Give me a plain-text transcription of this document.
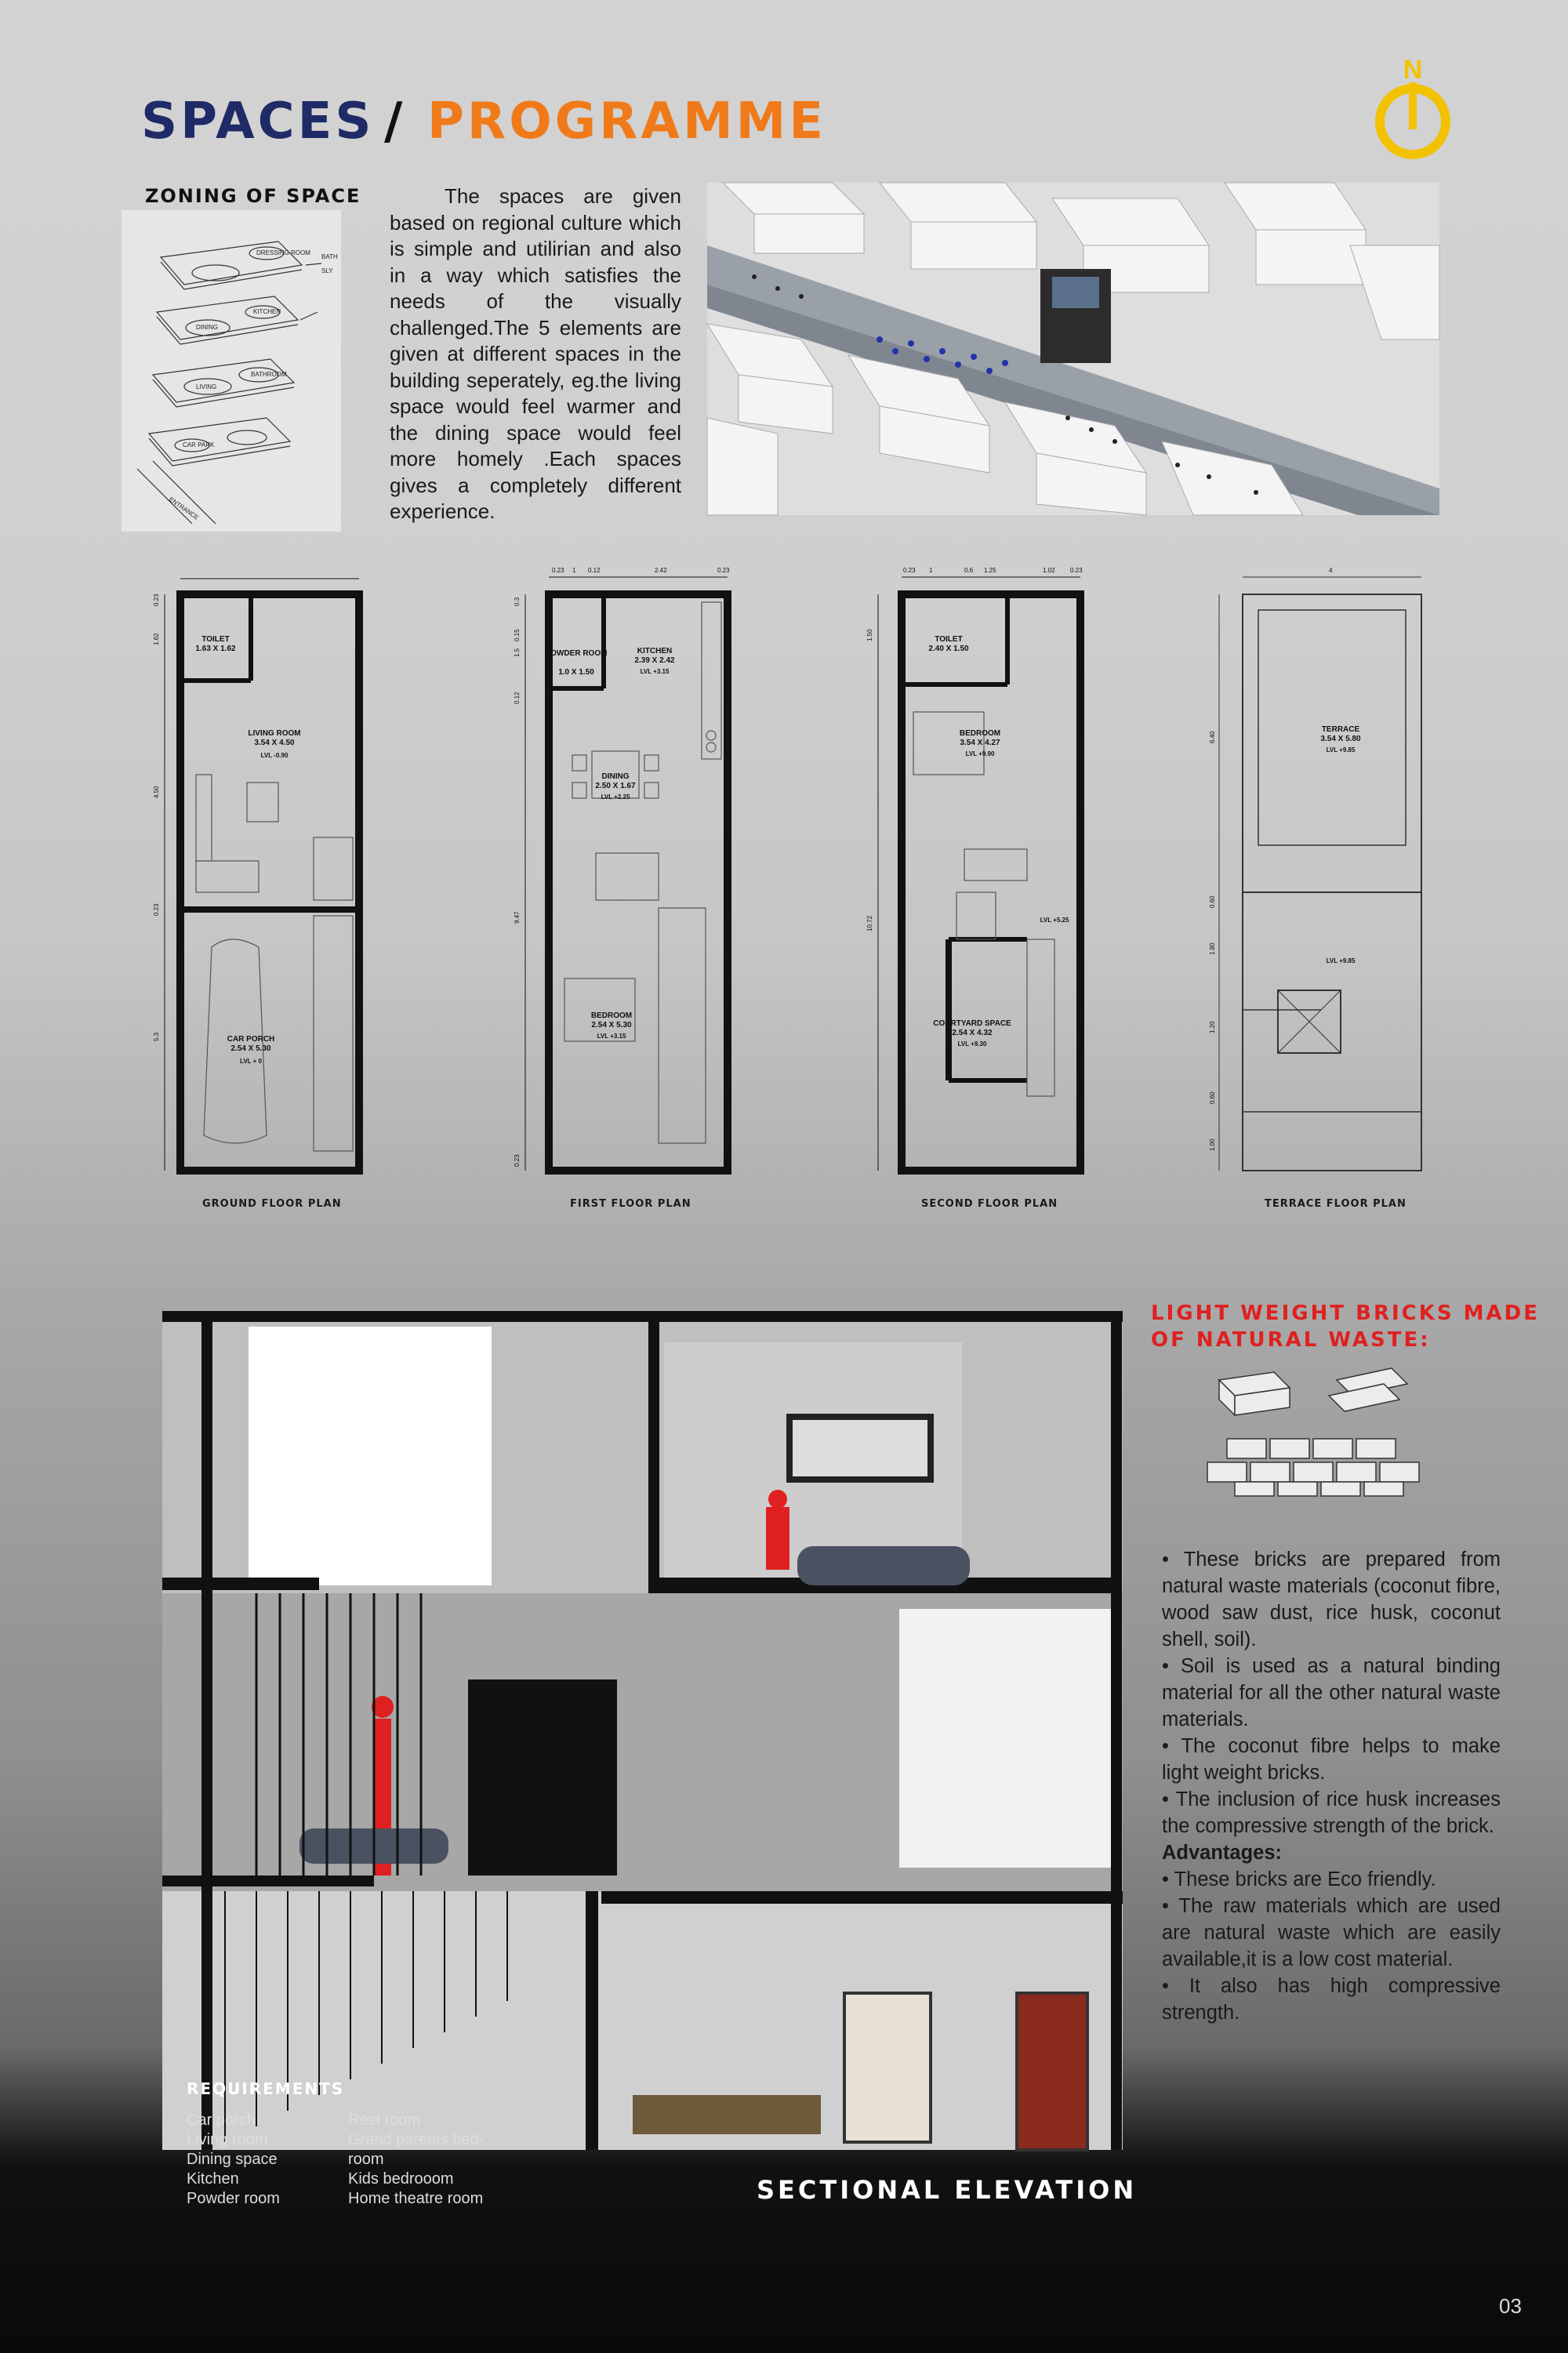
SPACES / PROGRAMME
N
ZONING OF SPACE
DRESSING ROOM
BATH
SLY
KITCHEN
DINING
BATHROOM
LIVING
CAR PARK
ENTRANCE
The spaces are given based on regional culture which is simple and utilirian and also in a way which satisfies the needs of the visually challenged.The 5 elements are given at different spaces in the building seperately, eg.the living space would feel warmer and the dining space would feel more homely .Each spaces gives a completely different experience.
TOILET
1.63 X 1.62
LIVING ROOM
3.54 X 4.50
LVL -0.90
CAR PORCH
2.54 X 5.30
LVL + 0
0.23
1.62
4.50
0.23
5.3
GROUND FLOOR PLAN
POWDER ROOM
1.0 X 1.50
KITCHEN
2.39 X 2.42
LVL +3.15
DINING
2.50 X 1.67
LVL +2.25
BEDROOM
2.54 X 5.30
LVL +3.15
0.23 1 0.12	2.42	0.23
0.3
1.5
0.12
9.47
0.23
0.15
FIRST FLOOR PLAN
TOILET
2.40 X 1.50
BEDROOM
3.54 X 4.27
LVL +9.90
COURTYARD SPACE
2.54 X 4.32
LVL +9.30
LVL +5.25
0.23 1	0.6 1.25	1.02 0.23
1.50
10.72
SECOND FLOOR PLAN
TERRACE
3.54 X 5.80
LVL +9.85
LVL +9.85
4
6.40
0.60
1.80
1.20
0.60
1.00
TERRACE FLOOR PLAN
LIGHT WEIGHT BRICKS MADE OF NATURAL WASTE:

• These bricks are prepared from natural waste materials (coconut fibre, wood saw dust, rice husk, coconut shell, soil).

• Soil is used as a natural binding material for all the other natural waste materials.

• The coconut fibre helps to make light weight bricks.

• The inclusion of rice husk increases the compressive strength of the brick.

Advantages:

• These bricks are Eco friendly.

• The raw materials which are used are natural waste which are easily available,it is a low cost material.

• It also has high compressive strength.

REQUIREMENTS
Car porch
Living room
Dining space
Kitchen
Powder room
Rest room
Grand parents bed-room
Kids bedrooom
Home theatre room	SECTIONAL ELEVATION
03
